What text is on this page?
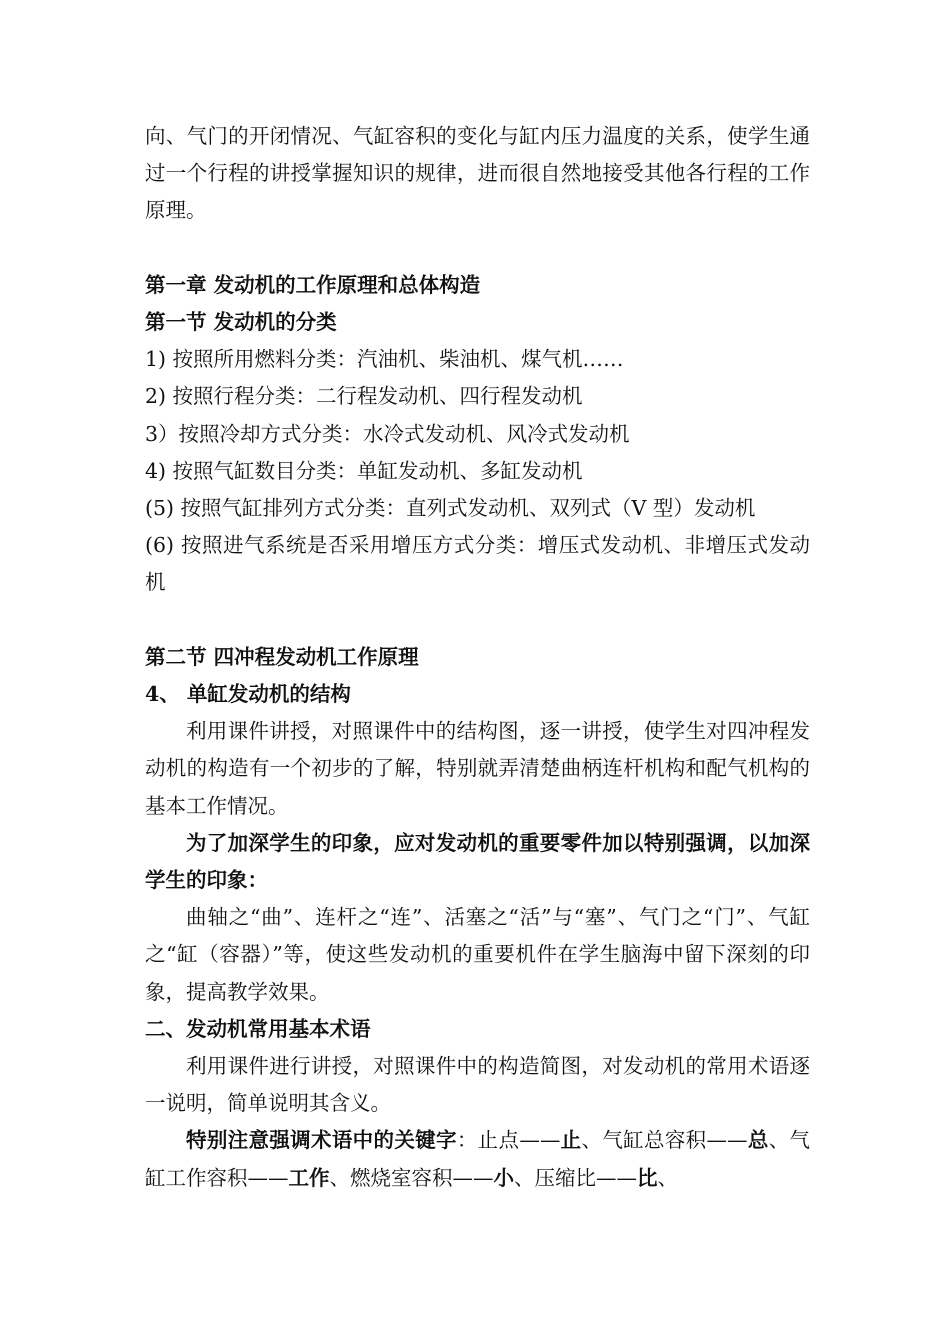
向、气门的开闭情况、气缸容积的变化与缸内压力温度的关系，使学生通过一个行程的讲授掌握知识的规律，进而很自然地接受其他各行程的工作原理。
第一章 发动机的工作原理和总体构造
第一节 发动机的分类
1) 按照所用燃料分类：汽油机、柴油机、煤气机……
2) 按照行程分类：二行程发动机、四行程发动机
3）按照冷却方式分类：水冷式发动机、风冷式发动机
4) 按照气缸数目分类：单缸发动机、多缸发动机
(5) 按照气缸排列方式分类：直列式发动机、双列式（V 型）发动机
(6) 按照进气系统是否采用增压方式分类：增压式发动机、非增压式发动机
第二节 四冲程发动机工作原理
4、 单缸发动机的结构
利用课件讲授，对照课件中的结构图，逐一讲授，使学生对四冲程发动机的构造有一个初步的了解，特别就弄清楚曲柄连杆机构和配气机构的基本工作情况。
为了加深学生的印象，应对发动机的重要零件加以特别强调，以加深学生的印象：
曲轴之“曲”、连杆之“连”、活塞之“活”与“塞”、气门之“门”、气缸之“缸（容器）”等，使这些发动机的重要机件在学生脑海中留下深刻的印象，提高教学效果。
二、发动机常用基本术语
利用课件进行讲授，对照课件中的构造简图，对发动机的常用术语逐一说明，简单说明其含义。
特别注意强调术语中的关键字：止点——止、气缸总容积——总、气缸工作容积——工作、燃烧室容积——小、压缩比——比、
